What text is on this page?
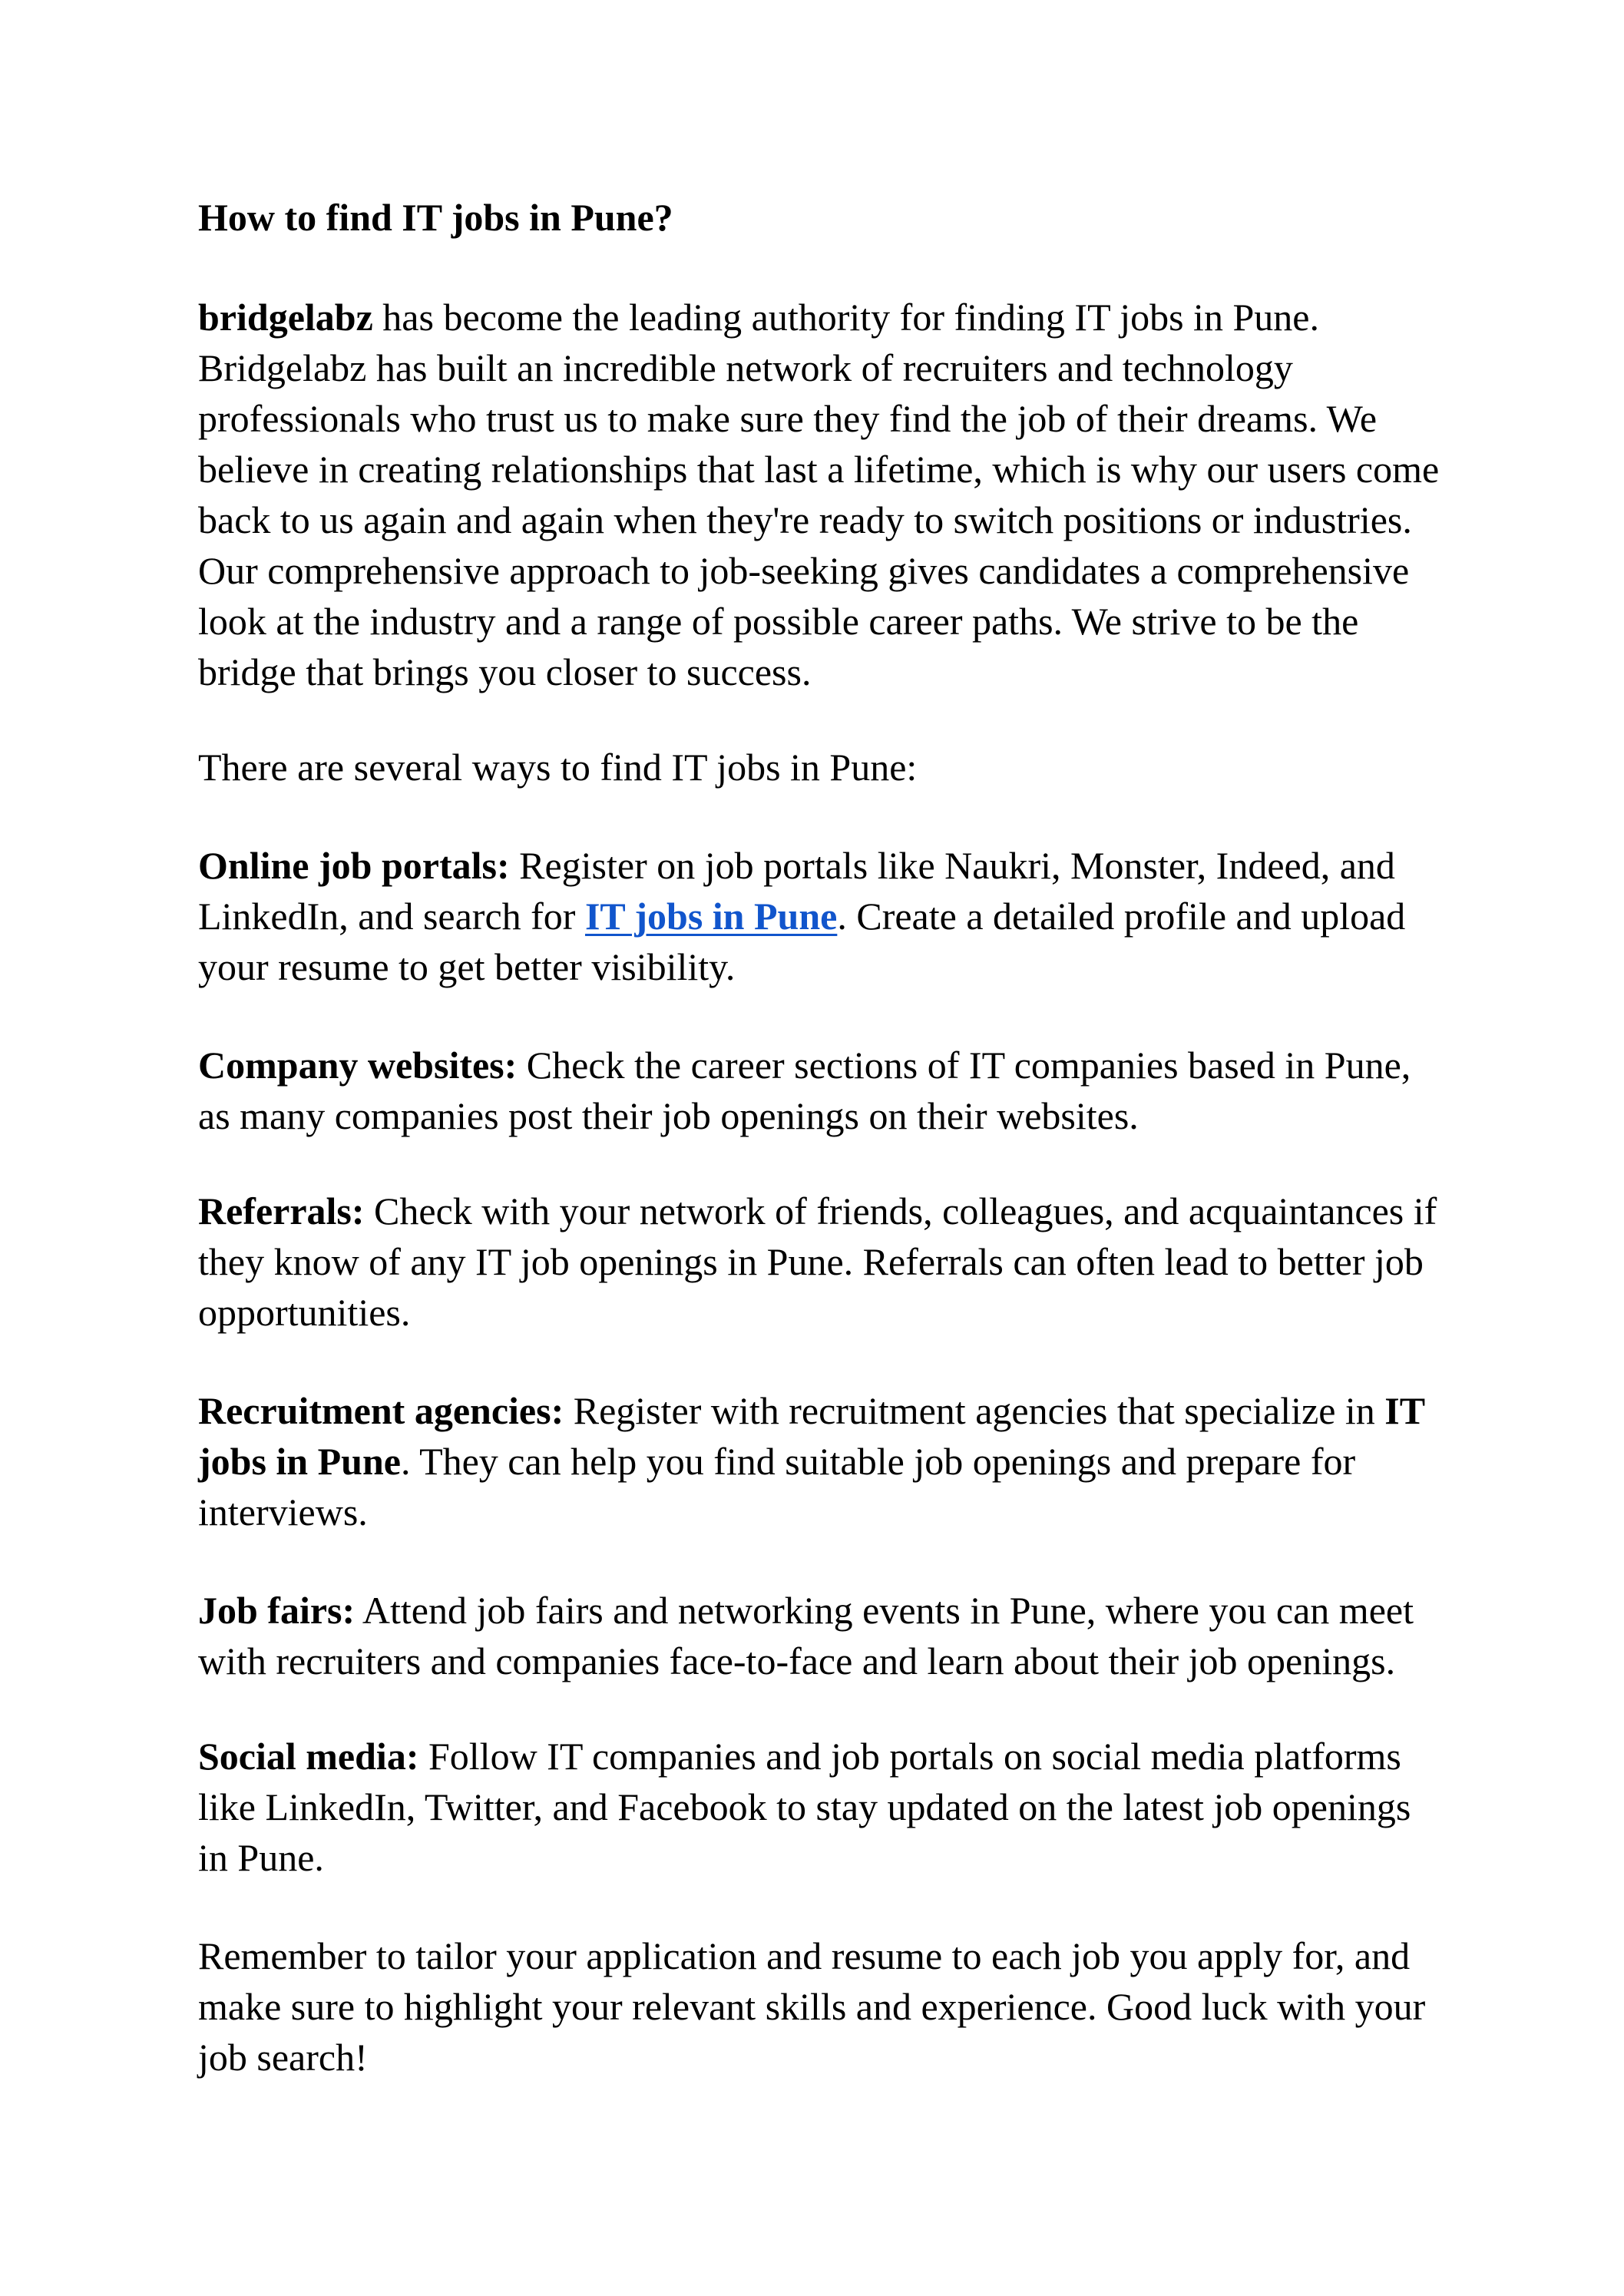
How to find IT jobs in Pune?

bridgelabz has become the leading authority for finding IT jobs in Pune. Bridgelabz has built an incredible network of recruiters and technology professionals who trust us to make sure they find the job of their dreams. We believe in creating relationships that last a lifetime, which is why our users come back to us again and again when they're ready to switch positions or industries. Our comprehensive approach to job-seeking gives candidates a comprehensive look at the industry and a range of possible career paths. We strive to be the bridge that brings you closer to success.

There are several ways to find IT jobs in Pune:

Online job portals: Register on job portals like Naukri, Monster, Indeed, and LinkedIn, and search for IT jobs in Pune. Create a detailed profile and upload your resume to get better visibility.

Company websites: Check the career sections of IT companies based in Pune, as many companies post their job openings on their websites.

Referrals: Check with your network of friends, colleagues, and acquaintances if they know of any IT job openings in Pune. Referrals can often lead to better job opportunities.

Recruitment agencies: Register with recruitment agencies that specialize in IT jobs in Pune. They can help you find suitable job openings and prepare for interviews.

Job fairs: Attend job fairs and networking events in Pune, where you can meet with recruiters and companies face-to-face and learn about their job openings.

Social media: Follow IT companies and job portals on social media platforms like LinkedIn, Twitter, and Facebook to stay updated on the latest job openings in Pune.

Remember to tailor your application and resume to each job you apply for, and make sure to highlight your relevant skills and experience. Good luck with your job search!
